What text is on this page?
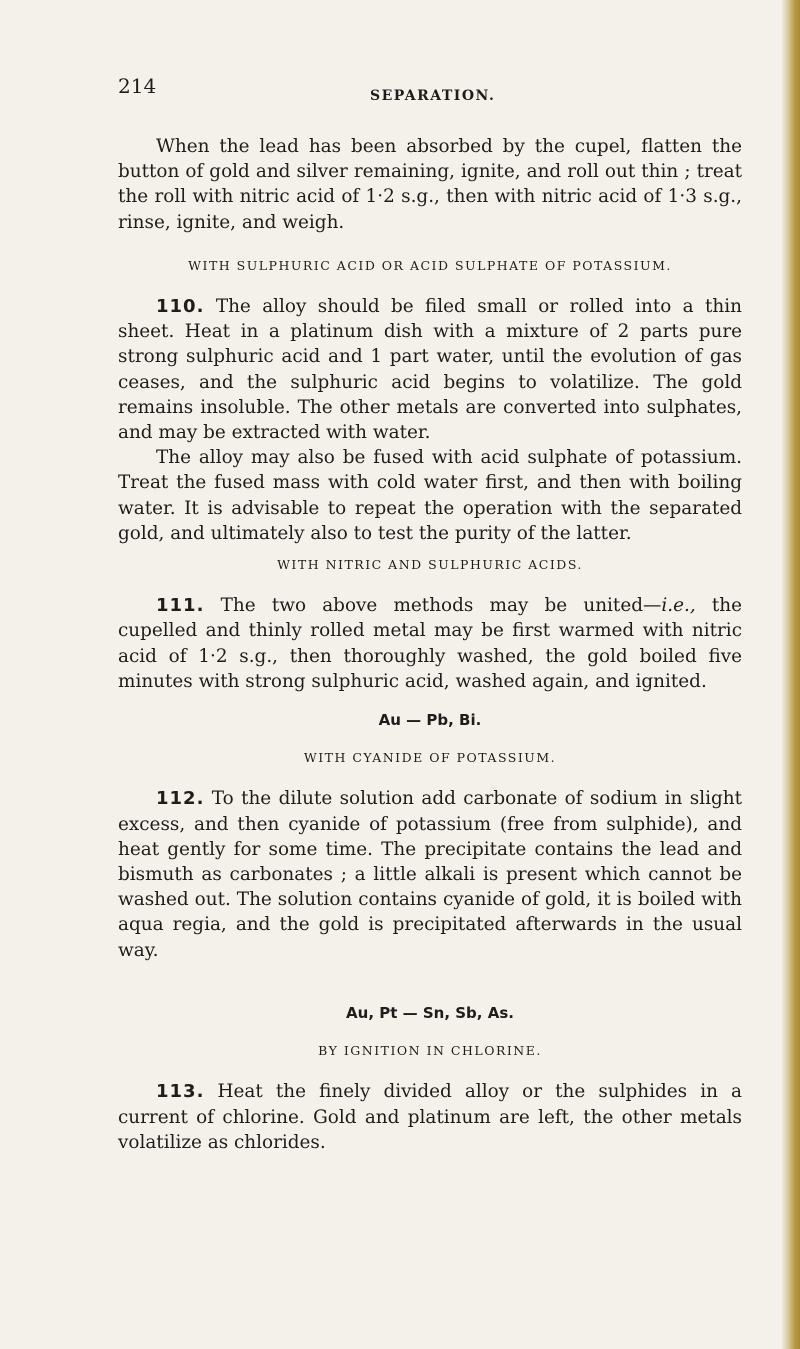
214	SEPARATION.

When the lead has been absorbed by the cupel, flatten the button of gold and silver remaining, ignite, and roll out thin ; treat the roll with nitric acid of 1·2 s.g., then with nitric acid of 1·3 s.g., rinse, ignite, and weigh.

WITH SULPHURIC ACID OR ACID SULPHATE OF POTASSIUM.

110. The alloy should be filed small or rolled into a thin sheet. Heat in a platinum dish with a mixture of 2 parts pure strong sulphuric acid and 1 part water, until the evolution of gas ceases, and the sulphuric acid begins to volatilize. The gold remains insoluble. The other metals are converted into sulphates, and may be extracted with water.

The alloy may also be fused with acid sulphate of potassium. Treat the fused mass with cold water first, and then with boiling water. It is advisable to repeat the operation with the separated gold, and ultimately also to test the purity of the latter.

WITH NITRIC AND SULPHURIC ACIDS.

111. The two above methods may be united—i.e., the cupelled and thinly rolled metal may be first warmed with nitric acid of 1·2 s.g., then thoroughly washed, the gold boiled five minutes with strong sulphuric acid, washed again, and ignited.

Au — Pb, Bi.

WITH CYANIDE OF POTASSIUM.

112. To the dilute solution add carbonate of sodium in slight excess, and then cyanide of potassium (free from sulphide), and heat gently for some time. The precipitate contains the lead and bismuth as carbonates ; a little alkali is present which cannot be washed out. The solution contains cyanide of gold, it is boiled with aqua regia, and the gold is precipitated afterwards in the usual way.

Au, Pt — Sn, Sb, As.

BY IGNITION IN CHLORINE.

113. Heat the finely divided alloy or the sulphides in a current of chlorine. Gold and platinum are left, the other metals volatilize as chlorides.
